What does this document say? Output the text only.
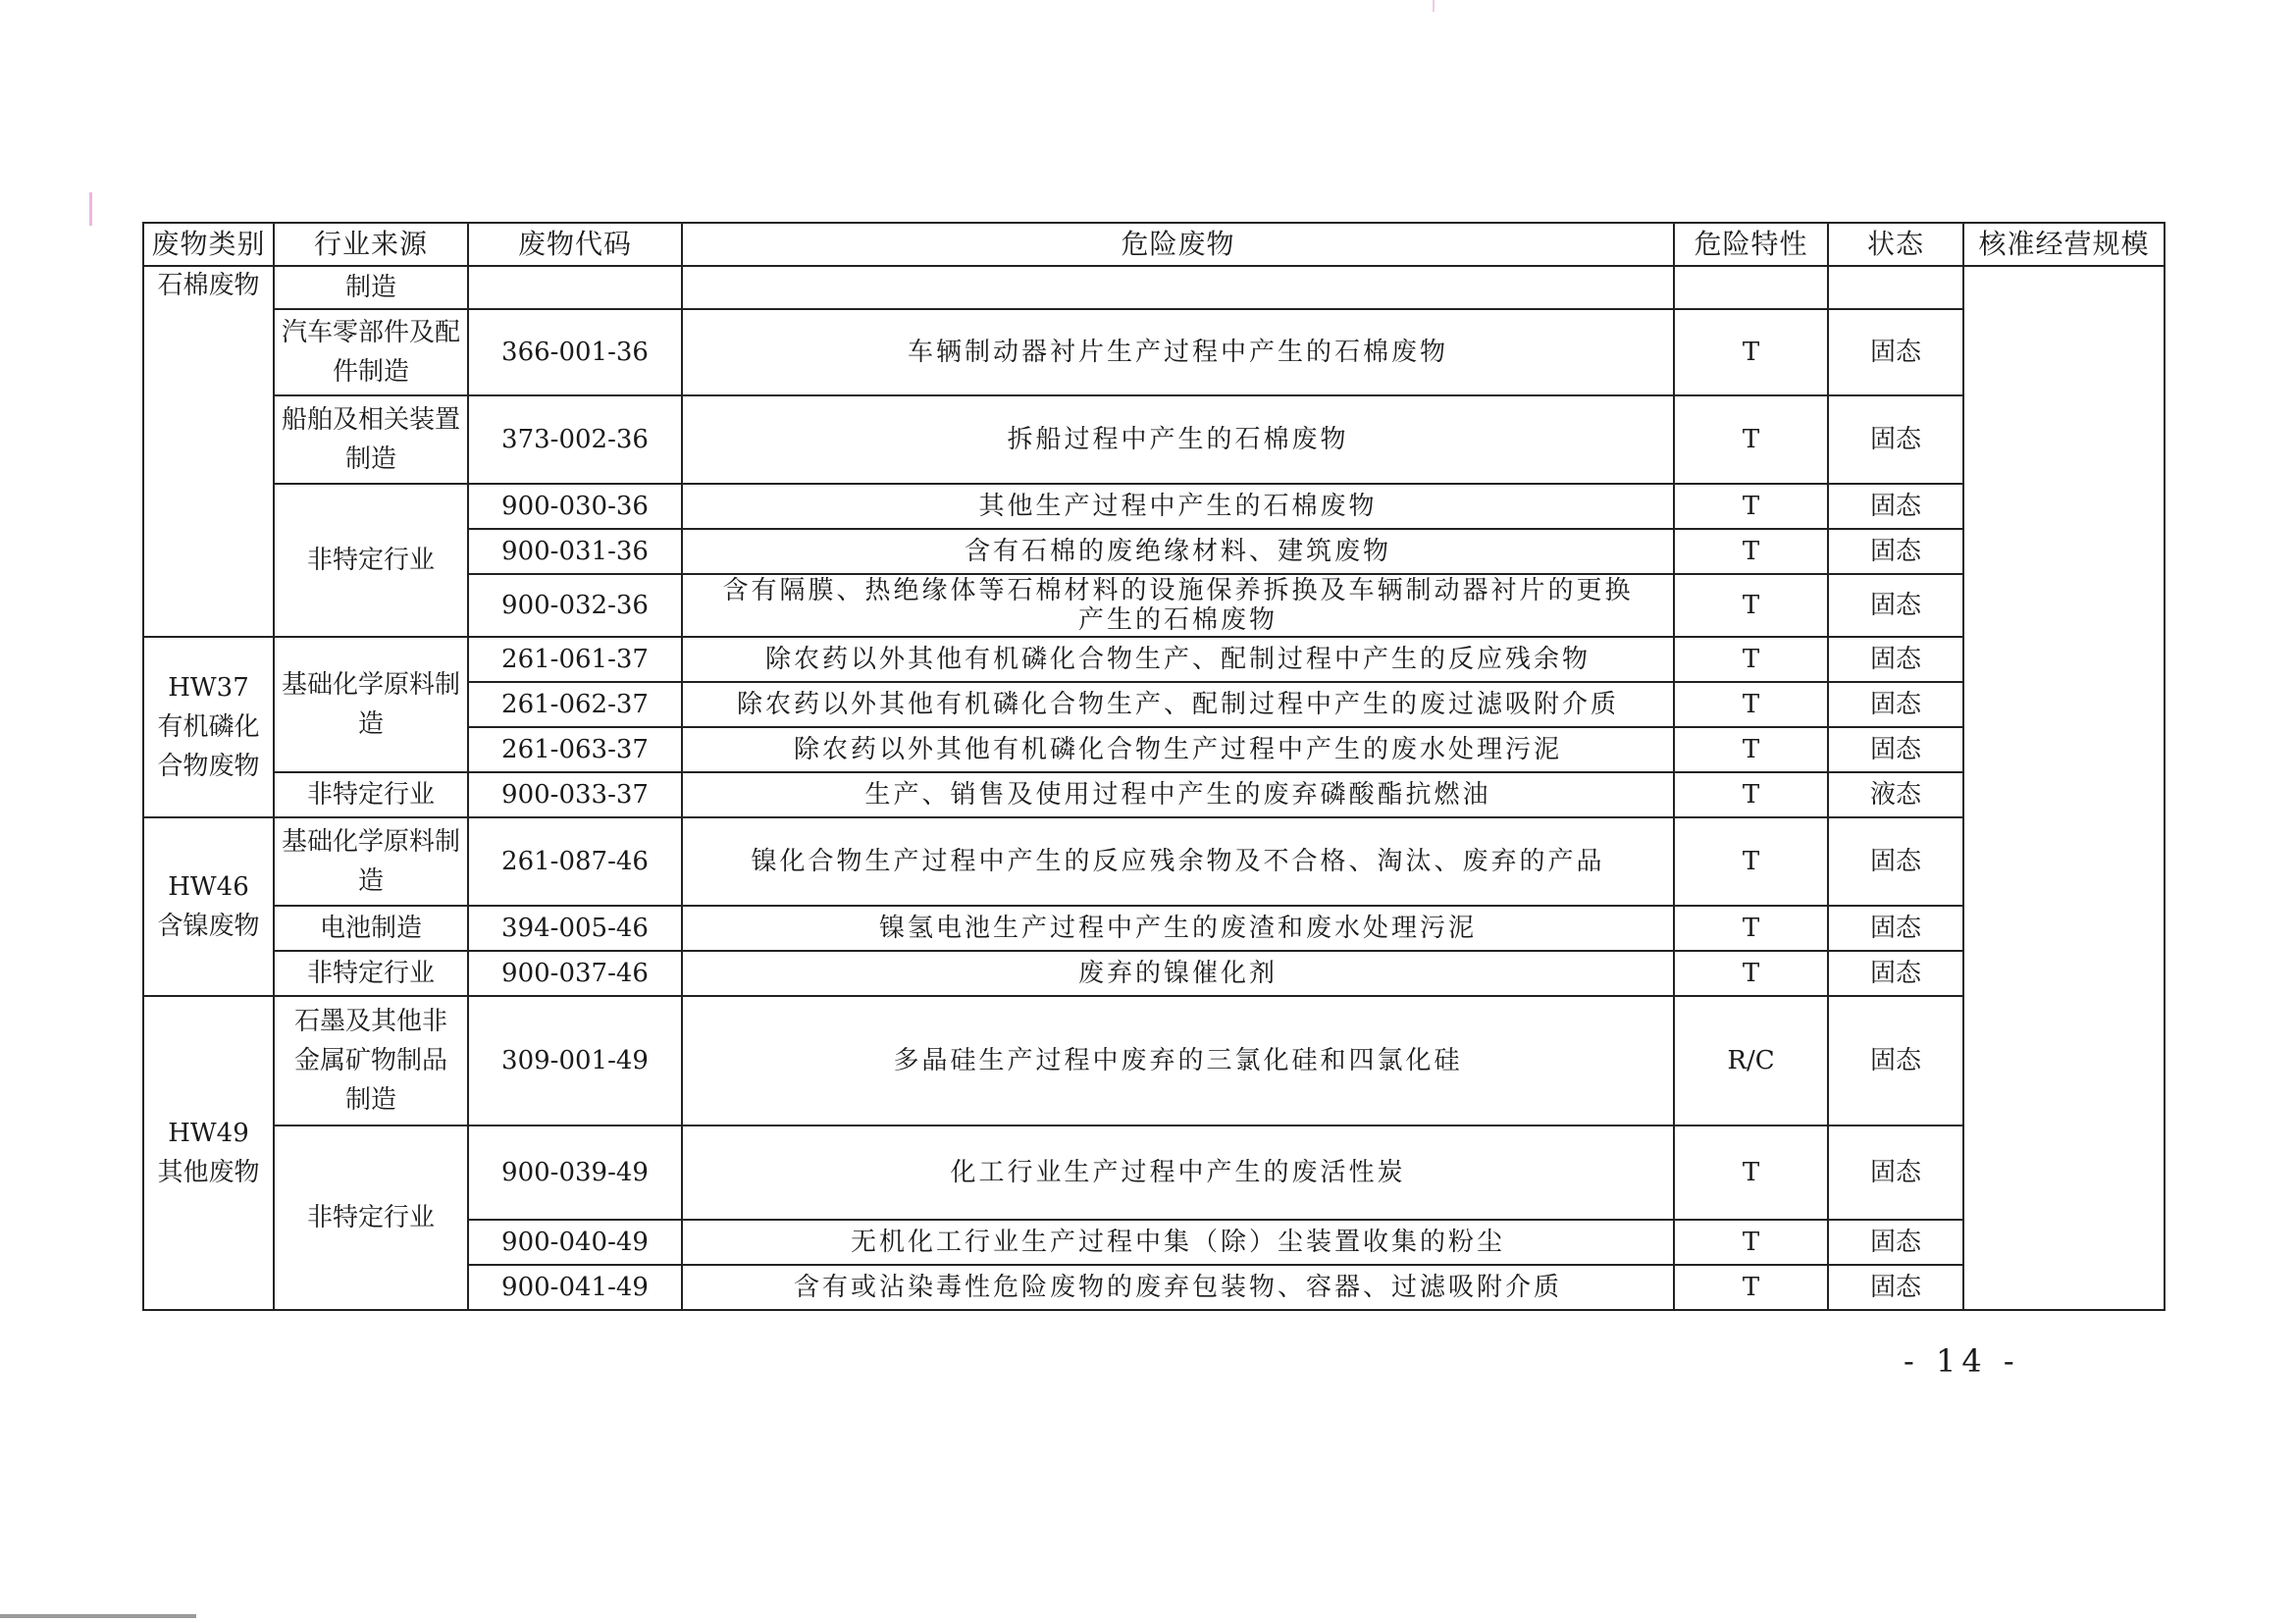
废物类别	行业来源	废物代码	危险废物	危险特性	状态	核准经营规模

石棉废物	制造					
	汽车零部件及配件制造	366-001-36	车辆制动器衬片生产过程中产生的石棉废物	T	固态	
	船舶及相关装置制造	373-002-36	拆船过程中产生的石棉废物	T	固态	
	非特定行业	900-030-36	其他生产过程中产生的石棉废物	T	固态	
		900-031-36	含有石棉的废绝缘材料、建筑废物	T	固态	
		900-032-36	含有隔膜、热绝缘体等石棉材料的设施保养拆换及车辆制动器衬片的更换产生的石棉废物	T	固态	

HW37
有机磷化合物废物	基础化学原料制造	261-061-37	除农药以外其他有机磷化合物生产、配制过程中产生的反应残余物	T	固态	
		261-062-37	除农药以外其他有机磷化合物生产、配制过程中产生的废过滤吸附介质	T	固态	
		261-063-37	除农药以外其他有机磷化合物生产过程中产生的废水处理污泥	T	固态	
	非特定行业	900-033-37	生产、销售及使用过程中产生的废弃磷酸酯抗燃油	T	液态	

HW46
含镍废物	基础化学原料制造	261-087-46	镍化合物生产过程中产生的反应残余物及不合格、淘汰、废弃的产品	T	固态	
	电池制造	394-005-46	镍氢电池生产过程中产生的废渣和废水处理污泥	T	固态	
	非特定行业	900-037-46	废弃的镍催化剂	T	固态	

HW49
其他废物	石墨及其他非金属矿物制品制造	309-001-49	多晶硅生产过程中废弃的三氯化硅和四氯化硅	R/C	固态	
	非特定行业	900-039-49	化工行业生产过程中产生的废活性炭	T	固态	
		900-040-49	无机化工行业生产过程中集（除）尘装置收集的粉尘	T	固态	
		900-041-49	含有或沾染毒性危险废物的废弃包装物、容器、过滤吸附介质	T	固态	
- 14 -
